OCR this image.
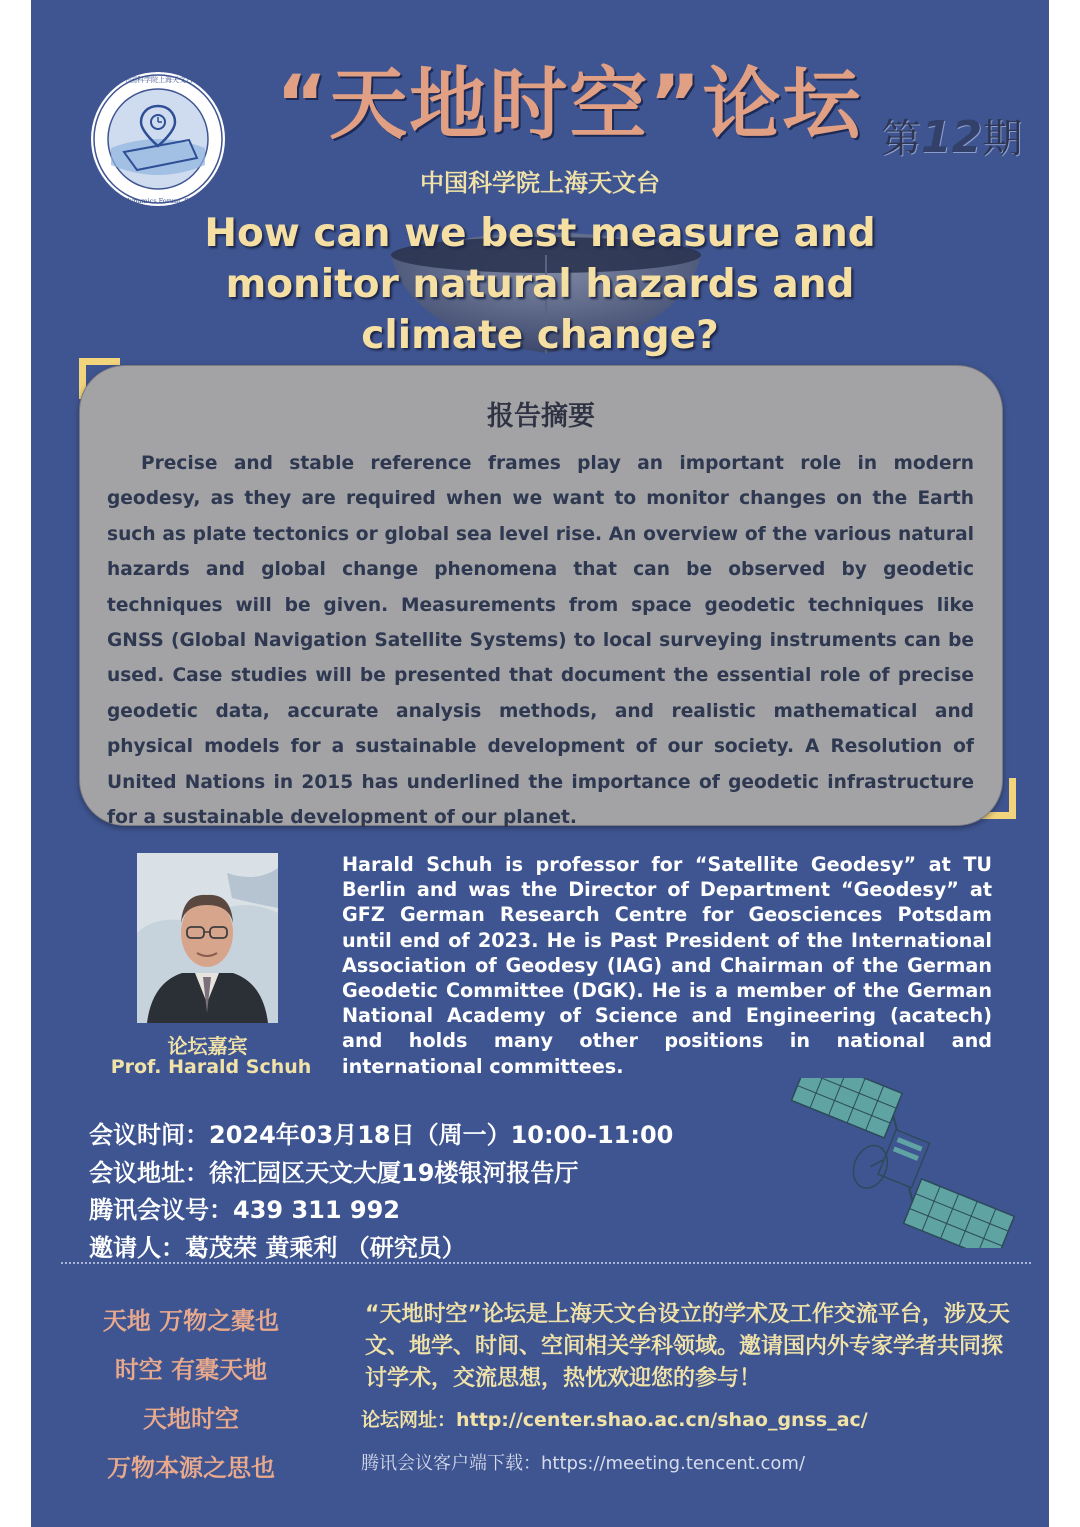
中国科学院上海天文台
Astro-geodynamics Forum, SHAO, CAS
“天地时空”论坛 第12期
中国科学院上海天文台
How can we best measure and
monitor natural hazards and
climate change?
报告摘要
Precise and stable reference frames play an important role in modern geodesy, as they are required when we want to monitor changes on the Earth such as plate tectonics or global sea level rise. An overview of the various natural hazards and global change phenomena that can be observed by geodetic techniques will be given. Measurements from space geodetic techniques like GNSS (Global Navigation Satellite Systems) to local surveying instruments can be used. Case studies will be presented that document the essential role of precise geodetic data, accurate analysis methods, and realistic mathematical and physical models for a sustainable development of our society. A Resolution of United Nations in 2015 has underlined the importance of geodetic infrastructure for a sustainable development of our planet.
论坛嘉宾
Prof. Harald Schuh
Harald Schuh is professor for “Satellite Geodesy” at TU Berlin and was the Director of Department “Geodesy” at GFZ German Research Centre for Geosciences Potsdam until end of 2023. He is Past President of the International Association of Geodesy (IAG) and Chairman of the German Geodetic Committee (DGK). He is a member of the German National Academy of Science and Engineering (acatech) and holds many other positions in national and international committees.
会议时间：2024年03月18日（周一）10:00-11:00
会议地址：徐汇园区天文大厦19楼银河报告厅
腾讯会议号：439 311 992
邀请人：葛茂荣 黄乘利 （研究员）
天地 万物之橐也
时空 有橐天地
天地时空
万物本源之思也
“天地时空”论坛是上海天文台设立的学术及工作交流平台，涉及天文、地学、时间、空间相关学科领域。邀请国内外专家学者共同探讨学术，交流思想，热忱欢迎您的参与！
论坛网址：http://center.shao.ac.cn/shao_gnss_ac/
腾讯会议客户端下载：https://meeting.tencent.com/
